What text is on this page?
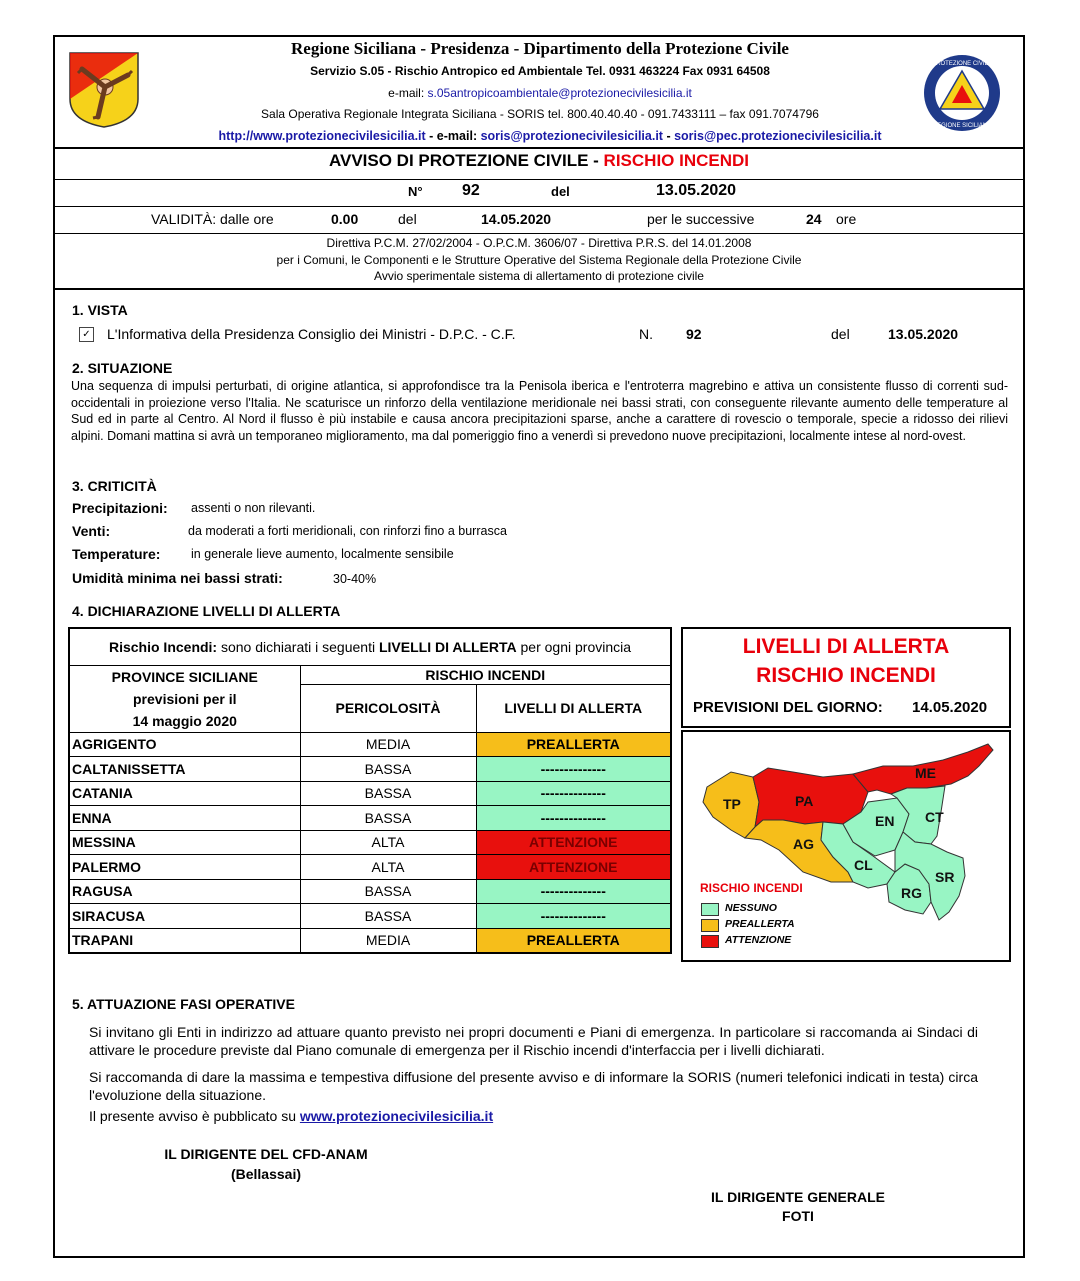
PROTEZIONE CIVILE
REGIONE SICILIANA
Regione Siciliana - Presidenza - Dipartimento della Protezione Civile
Servizio S.05 - Rischio Antropico ed Ambientale Tel. 0931 463224 Fax 0931 64508
e-mail: s.05antropicoambientale@protezionecivilesicilia.it
Sala Operativa Regionale Integrata Siciliana - SORIS tel. 800.40.40.40 - 091.7433111 – fax 091.7074796
http://www.protezionecivilesicilia.it - e-mail: soris@protezionecivilesicilia.it - soris@pec.protezionecivilesicilia.it
AVVISO DI PROTEZIONE CIVILE - RISCHIO INCENDI
N° 92	del	13.05.2020
VALIDITÀ: dalle ore	0.00	del	14.05.2020	per le successive	24 ore
Direttiva P.C.M. 27/02/2004 - O.P.C.M. 3606/07 - Direttiva P.R.S. del 14.01.2008
per i Comuni, le Componenti e le Strutture Operative del Sistema Regionale della Protezione Civile
Avvio sperimentale sistema di allertamento di protezione civile
1. VISTA
✓ L'Informativa della Presidenza Consiglio dei Ministri - D.P.C. - C.F.	N. 92	del	13.05.2020
2. SITUAZIONE
Una sequenza di impulsi perturbati, di origine atlantica, si approfondisce tra la Penisola iberica e l'entroterra magrebino e attiva un consistente flusso di correnti sud-occidentali in proiezione verso l'Italia. Ne scaturisce un rinforzo della ventilazione meridionale nei bassi strati, con conseguente rilevante aumento delle temperature al Sud ed in parte al Centro. Al Nord il flusso è più instabile e causa ancora precipitazioni sparse, anche a carattere di rovescio o temporale, specie a ridosso dei rilievi alpini. Domani mattina si avrà un temporaneo miglioramento, ma dal pomeriggio fino a venerdì si prevedono nuove precipitazioni, localmente intese al nord-ovest.
3. CRITICITÀ
Precipitazioni: assenti o non rilevanti.
Venti:	da moderati a forti meridionali, con rinforzi fino a burrasca
Temperature: in generale lieve aumento, localmente sensibile
Umidità minima nei bassi strati:	30-40%
4. DICHIARAZIONE LIVELLI DI ALLERTA
Rischio Incendi: sono dichiarati i seguenti LIVELLI DI ALLERTA per ogni provincia		

PROVINCE SICILIANE
previsioni per il
14 maggio 2020	RISCHIO INCENDI	
	PERICOLOSITÀ	LIVELLI DI ALLERTA
AGRIGENTO	MEDIA	PREALLERTA
CALTANISSETTA	BASSA	--------------
CATANIA	BASSA	--------------
ENNA	BASSA	--------------
MESSINA	ALTA	ATTENZIONE
PALERMO	ALTA	ATTENZIONE
RAGUSA	BASSA	--------------
SIRACUSA	BASSA	--------------
TRAPANI	MEDIA	PREALLERTA
LIVELLI DI ALLERTA
RISCHIO INCENDI
PREVISIONI DEL GIORNO: 14.05.2020
TP	PA
ME
AG
EN CT
CL
RG
SR
RISCHIO INCENDI
NESSUNO
PREALLERTA
ATTENZIONE
5. ATTUAZIONE FASI OPERATIVE
Si invitano gli Enti in indirizzo ad attuare quanto previsto nei propri documenti e Piani di emergenza. In particolare si raccomanda ai Sindaci di attivare le procedure previste dal Piano comunale di emergenza per il Rischio incendi d'interfaccia per i livelli dichiarati.
Si raccomanda di dare la massima e tempestiva diffusione del presente avviso e di informare la SORIS (numeri telefonici indicati in testa) circa l'evoluzione della situazione.
Il presente avviso è pubblicato su www.protezionecivilesicilia.it
IL DIRIGENTE DEL CFD-ANAM
(Bellassai)
IL DIRIGENTE GENERALE
FOTI
